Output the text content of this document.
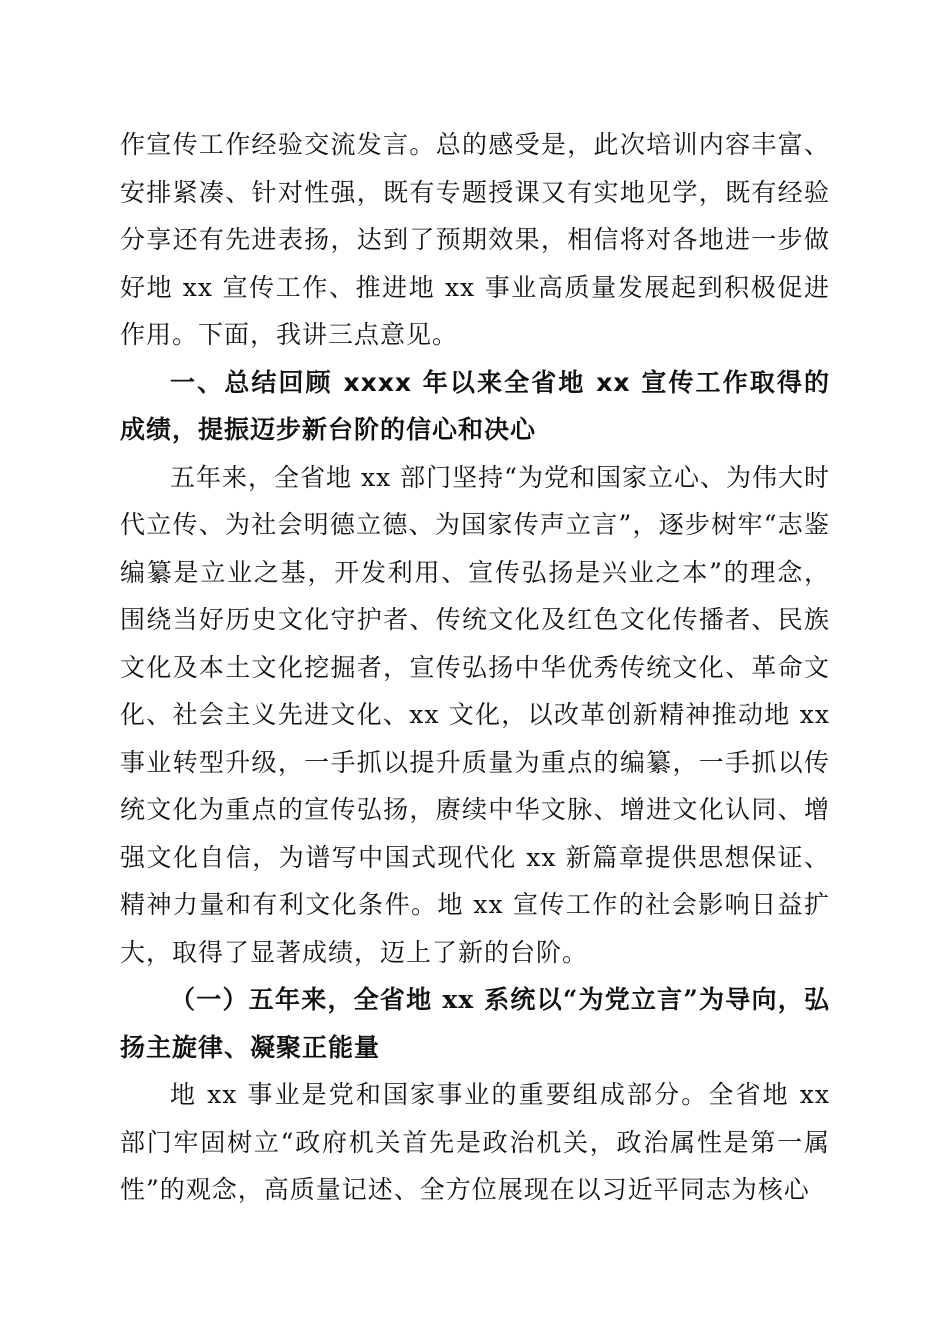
作宣传工作经验交流发言。总的感受是，此次培训内容丰富、安排紧凑、针对性强，既有专题授课又有实地见学，既有经验分享还有先进表扬，达到了预期效果，相信将对各地进一步做好地 xx 宣传工作、推进地 xx 事业高质量发展起到积极促进作用。下面，我讲三点意见。

一、总结回顾 xxxx 年以来全省地 xx 宣传工作取得的成绩，提振迈步新台阶的信心和决心

五年来，全省地 xx 部门坚持“为党和国家立心、为伟大时代立传、为社会明德立德、为国家传声立言”，逐步树牢“志鉴编纂是立业之基，开发利用、宣传弘扬是兴业之本”的理念，围绕当好历史文化守护者、传统文化及红色文化传播者、民族文化及本土文化挖掘者，宣传弘扬中华优秀传统文化、革命文化、社会主义先进文化、xx 文化，以改革创新精神推动地 xx 事业转型升级，一手抓以提升质量为重点的编纂，一手抓以传统文化为重点的宣传弘扬，赓续中华文脉、增进文化认同、增强文化自信，为谱写中国式现代化 xx 新篇章提供思想保证、精神力量和有利文化条件。地 xx 宣传工作的社会影响日益扩大，取得了显著成绩，迈上了新的台阶。

（一）五年来，全省地 xx 系统以“为党立言”为导向，弘扬主旋律、凝聚正能量

地 xx 事业是党和国家事业的重要组成部分。全省地 xx 部门牢固树立“政府机关首先是政治机关，政治属性是第一属性”的观念，高质量记述、全方位展现在以习近平同志为核心
